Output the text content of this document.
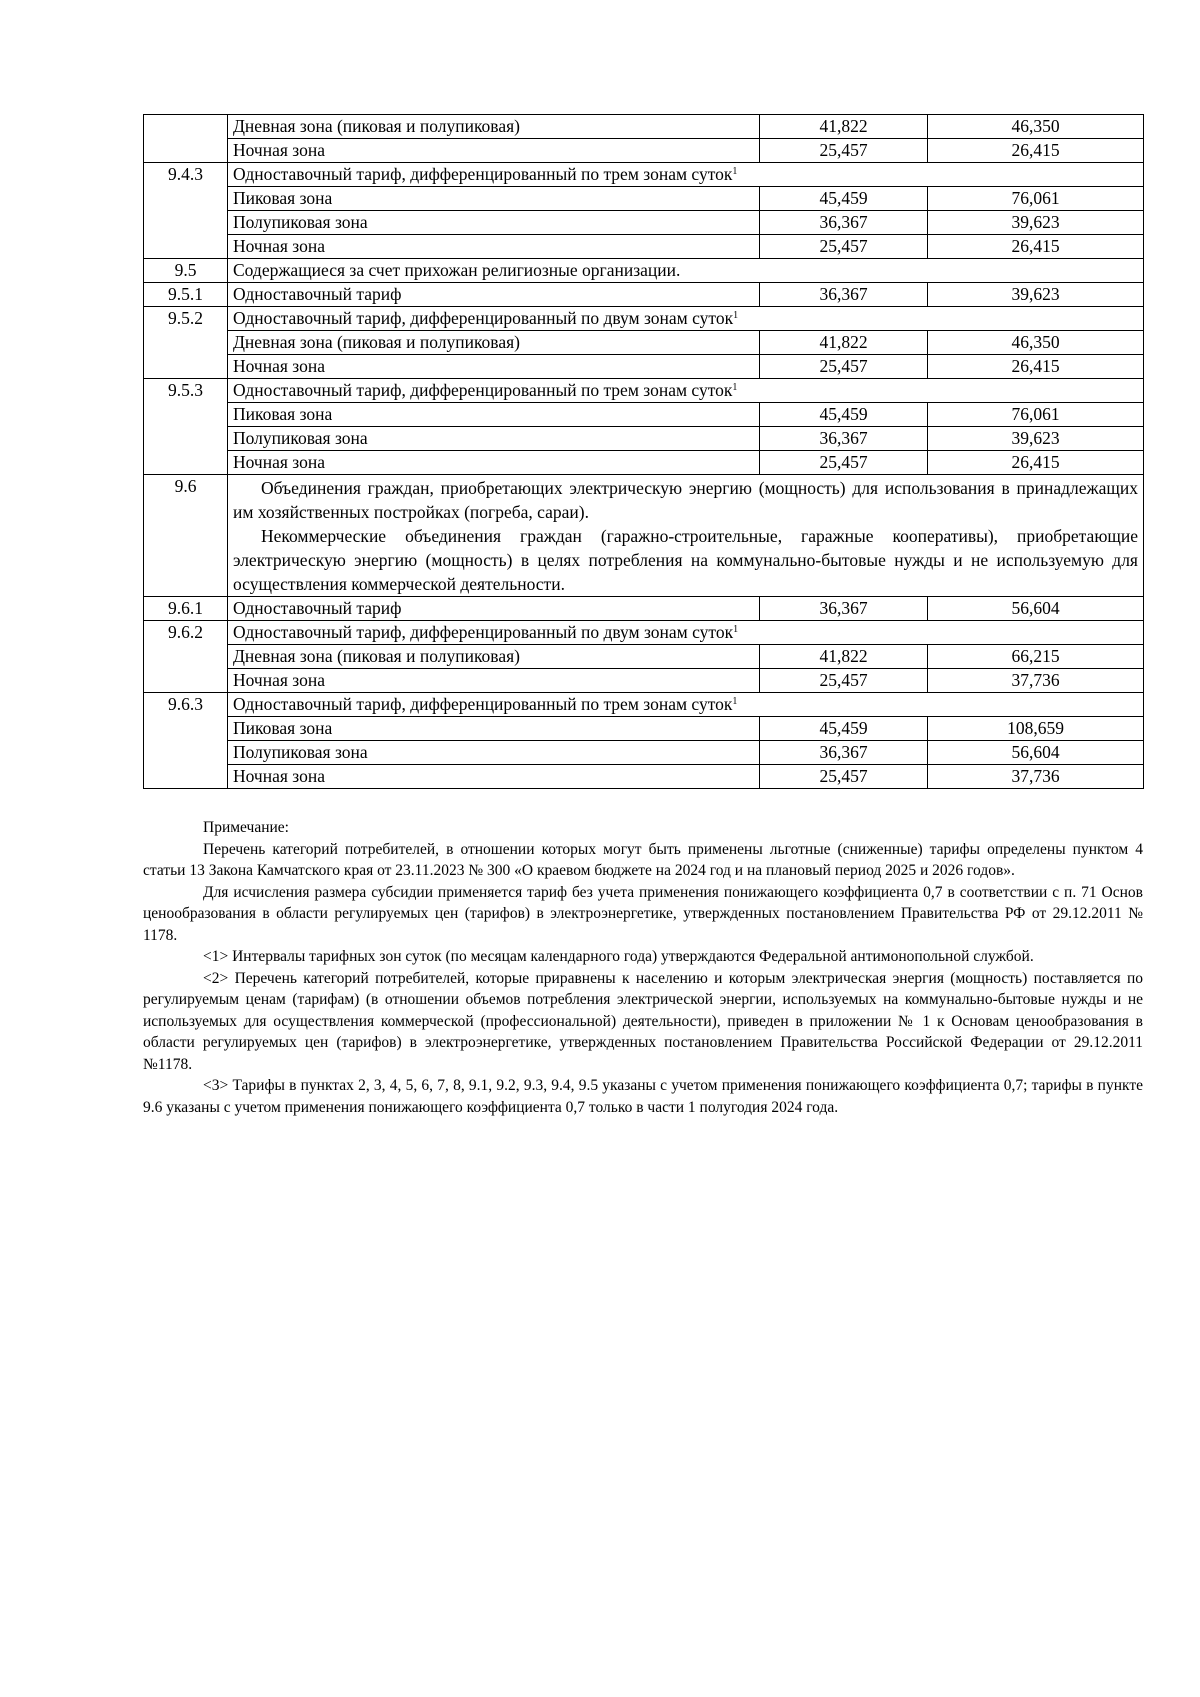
	Дневная зона (пиковая и полупиковая)	41,822	46,350
	Ночная зона	25,457	26,415
9.4.3	Одноставочный тариф, дифференцированный по трем зонам суток$^1$
	Пиковая зона	45,459	76,061
	Полупиковая зона	36,367	39,623
	Ночная зона	25,457	26,415
9.5	Содержащиеся за счет прихожан религиозные организации.		
9.5.1	Одноставочный тариф	36,367	39,623
9.5.2	Одноставочный тариф, дифференцированный по двум зонам суток$^1$
	Дневная зона (пиковая и полупиковая)	41,822	46,350
	Ночная зона	25,457	26,415
9.5.3	Одноставочный тариф, дифференцированный по трем зонам суток$^1$
	Пиковая зона	45,459	76,061
	Полупиковая зона	36,367	39,623
	Ночная зона	25,457	26,415
9.6	Объединения граждан, приобретающих электрическую энергию (мощность) для использования в принадлежащих им хозяйственных постройках (погреба, сараи).

Некоммерческие объединения граждан (гаражно-строительные, гаражные кооперативы), приобретающие электрическую энергию (мощность) в целях потребления на коммунально-бытовые нужды и не используемую для осуществления коммерческой деятельности.		

9.6.1	Одноставочный тариф	36,367	56,604
9.6.2	Одноставочный тариф, дифференцированный по двум зонам суток$^1$
	Дневная зона (пиковая и полупиковая)	41,822	66,215
	Ночная зона	25,457	37,736
9.6.3	Одноставочный тариф, дифференцированный по трем зонам суток$^1$
	Пиковая зона	45,459	108,659
	Полупиковая зона	36,367	56,604
	Ночная зона	25,457	37,736

Примечание:

Перечень категорий потребителей, в отношении которых могут быть применены льготные (сниженные) тарифы определены пунктом 4 статьи 13 Закона Камчатского края от 23.11.2023 № 300 «О краевом бюджете на 2024 год и на плановый период 2025 и 2026 годов».

Для исчисления размера субсидии применяется тариф без учета применения понижающего коэффициента 0,7 в соответствии с п. 71 Основ ценообразования в области регулируемых цен (тарифов) в электроэнергетике, утвержденных постановлением Правительства РФ от 29.12.2011 № 1178.

<1> Интервалы тарифных зон суток (по месяцам календарного года) утверждаются Федеральной антимонопольной службой.

<2> Перечень категорий потребителей, которые приравнены к населению и которым электрическая энергия (мощность) поставляется по регулируемым ценам (тарифам) (в отношении объемов потребления электрической энергии, используемых на коммунально-бытовые нужды и не используемых для осуществления коммерческой (профессиональной) деятельности), приведен в приложении № 1 к Основам ценообразования в области регулируемых цен (тарифов) в электроэнергетике, утвержденных постановлением Правительства Российской Федерации от 29.12.2011 №1178.

<3> Тарифы в пунктах 2, 3, 4, 5, 6, 7, 8, 9.1, 9.2, 9.3, 9.4, 9.5 указаны с учетом применения понижающего коэффициента 0,7; тарифы в пункте 9.6 указаны с учетом применения понижающего коэффициента 0,7 только в части 1 полугодия 2024 года.
